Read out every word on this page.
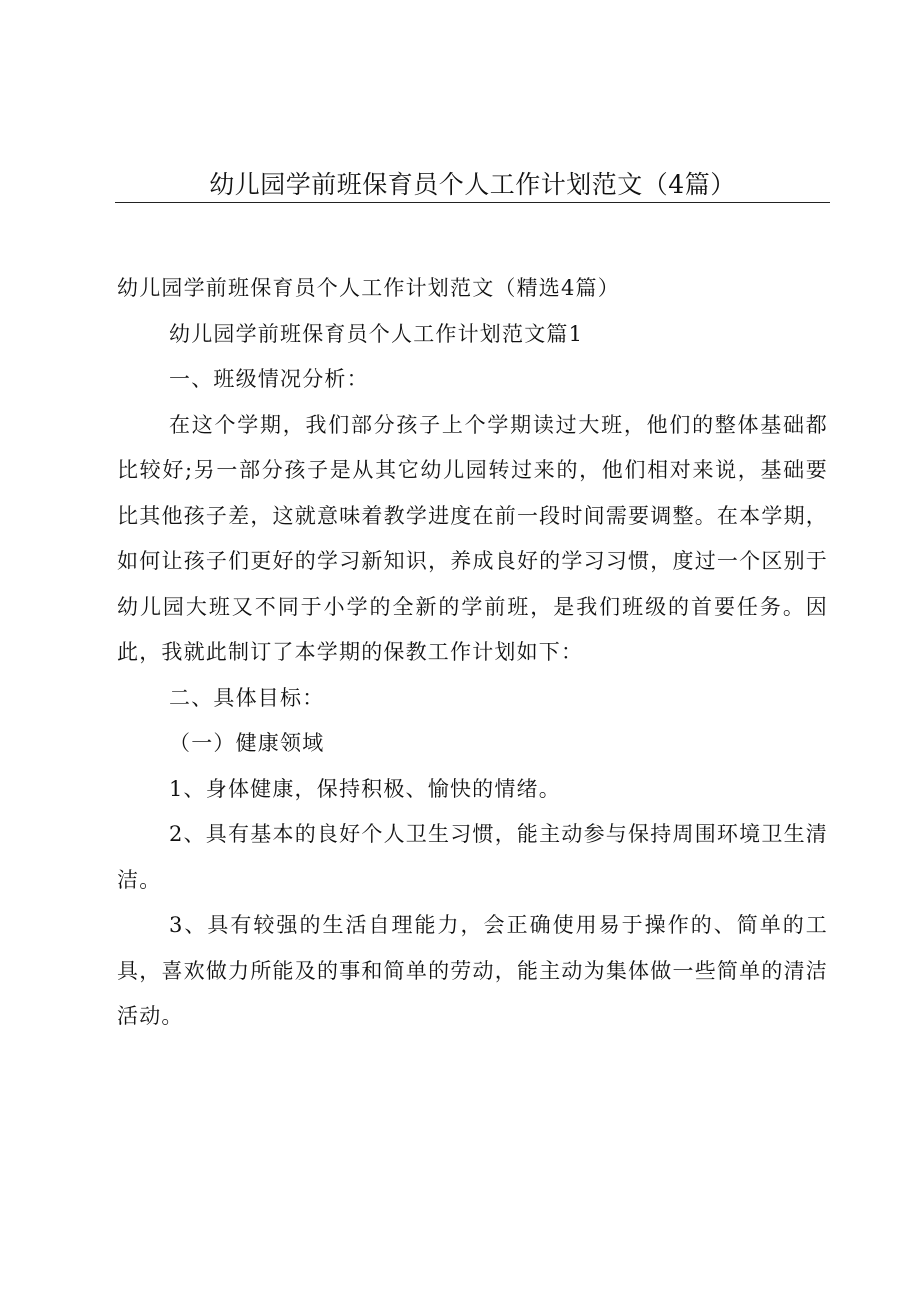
幼儿园学前班保育员个人工作计划范文（4篇）

幼儿园学前班保育员个人工作计划范文（精选4篇）

幼儿园学前班保育员个人工作计划范文篇1

一、班级情况分析：

在这个学期，我们部分孩子上个学期读过大班，他们的整体基础都比较好;另一部分孩子是从其它幼儿园转过来的，他们相对来说，基础要比其他孩子差，这就意味着教学进度在前一段时间需要调整。在本学期，如何让孩子们更好的学习新知识，养成良好的学习习惯，度过一个区别于幼儿园大班又不同于小学的全新的学前班，是我们班级的首要任务。因此，我就此制订了本学期的保教工作计划如下：

二、具体目标：

（一）健康领域

1、身体健康，保持积极、愉快的情绪。

2、具有基本的良好个人卫生习惯，能主动参与保持周围环境卫生清洁。

3、具有较强的生活自理能力，会正确使用易于操作的、简单的工具，喜欢做力所能及的事和简单的劳动，能主动为集体做一些简单的清洁活动。
